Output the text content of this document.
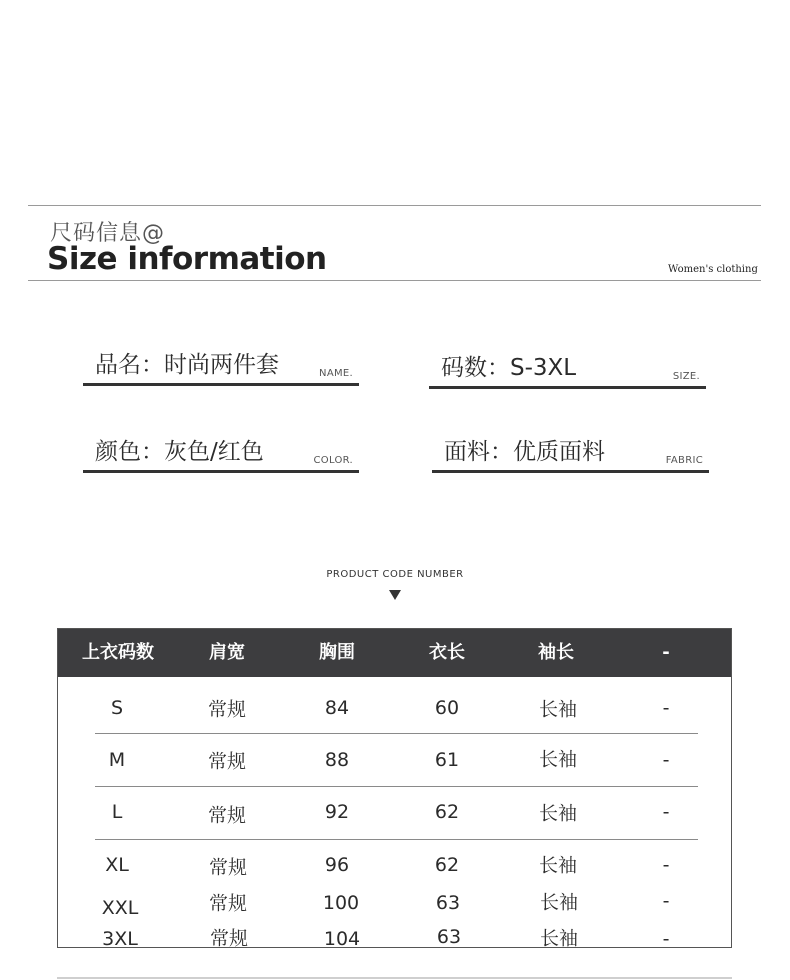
尺码信息@
Size information	Women's clothing
品名：时尚两件套	NAME.	码数：S-3XL	SIZE.
颜色：灰色/红色	COLOR.	面料：优质面料	FABRIC
PRODUCT CODE NUMBER
上衣码数	肩宽	胸围	衣长	袖长	-
S	常规	84	60	长袖	-
M	常规	88	61	长袖	-
L	常规	92	62	长袖	-
XL	常规	96	62	长袖	-
XXL	常规	100	63	长袖	-
3XL	常规	104	63	长袖	-
